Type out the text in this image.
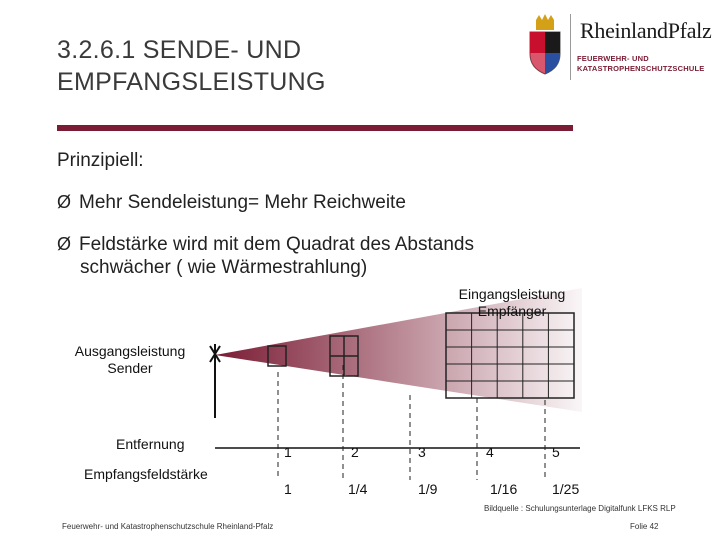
3.2.6.1 SENDE- UND
EMPFANGSLEISTUNG
RheinlandPfalz
FEUERWEHR- UND
KATASTROPHENSCHUTZSCHULE
Prinzipiell:
Ø Mehr Sendeleistung= Mehr Reichweite
Ø Feldstärke wird mit dem Quadrat des Abstands
schwächer ( wie Wärmestrahlung)
Eingangsleistung
Empfänger
Ausgangsleistung
Sender
Entfernung
Empfangsfeldstärke
1	2	3	4	5
1	1/4	1/9	1/16 1/25
Bildquelle : Schulungsunterlage Digitalfunk LFKS RLP
Feuerwehr- und Katastrophenschutzschule Rheinland-Pfalz	Folie 42
